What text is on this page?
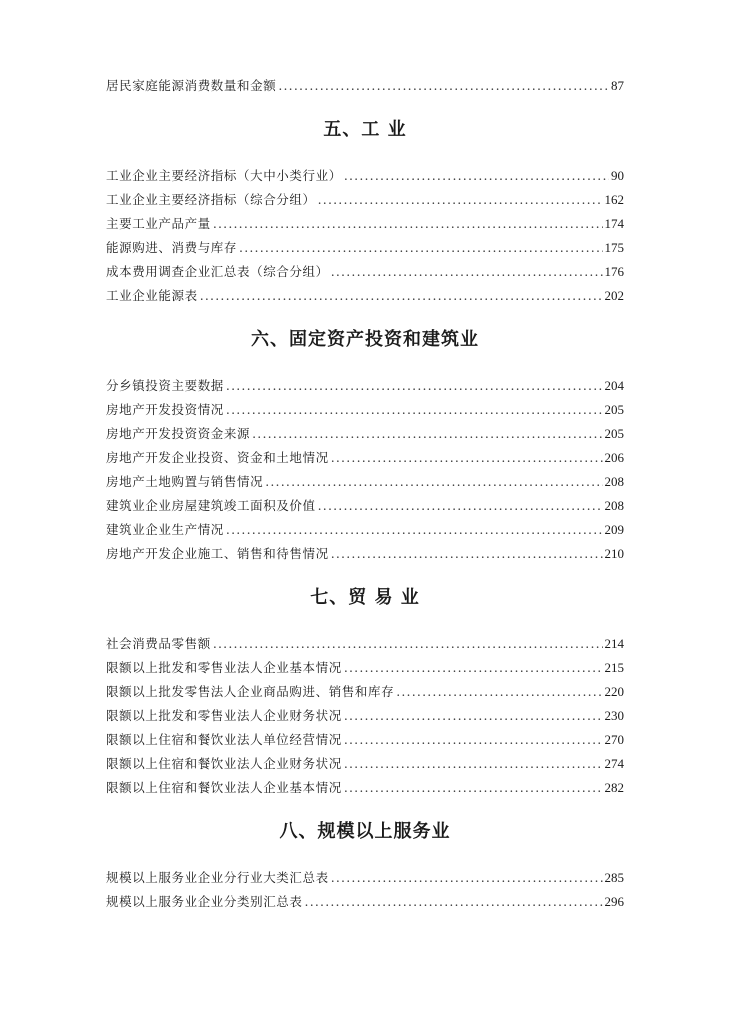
居民家庭能源消费数量和金额 .....	87
五、工 业
工业企业主要经济指标（大中小类行业） .....	90
工业企业主要经济指标（综合分组） .....	162
主要工业产品产量 .....	174
能源购进、消费与库存 .....	175
成本费用调查企业汇总表（综合分组） .....	176
工业企业能源表 .....	202
六、固定资产投资和建筑业
分乡镇投资主要数据 .....	204
房地产开发投资情况 .....	205
房地产开发投资资金来源 .....	205
房地产开发企业投资、资金和土地情况 .....	206
房地产土地购置与销售情况 .....	208
建筑业企业房屋建筑竣工面积及价值 .....	208
建筑业企业生产情况 .....	209
房地产开发企业施工、销售和待售情况 .....	210
七、贸 易 业
社会消费品零售额 .....	214
限额以上批发和零售业法人企业基本情况 .....	215
限额以上批发零售法人企业商品购进、销售和库存 .....	220
限额以上批发和零售业法人企业财务状况 .....	230
限额以上住宿和餐饮业法人单位经营情况 .....	270
限额以上住宿和餐饮业法人企业财务状况 .....	274
限额以上住宿和餐饮业法人企业基本情况 .....	282
八、规模以上服务业
规模以上服务业企业分行业大类汇总表 .....	285
规模以上服务业企业分类别汇总表 .....	296
